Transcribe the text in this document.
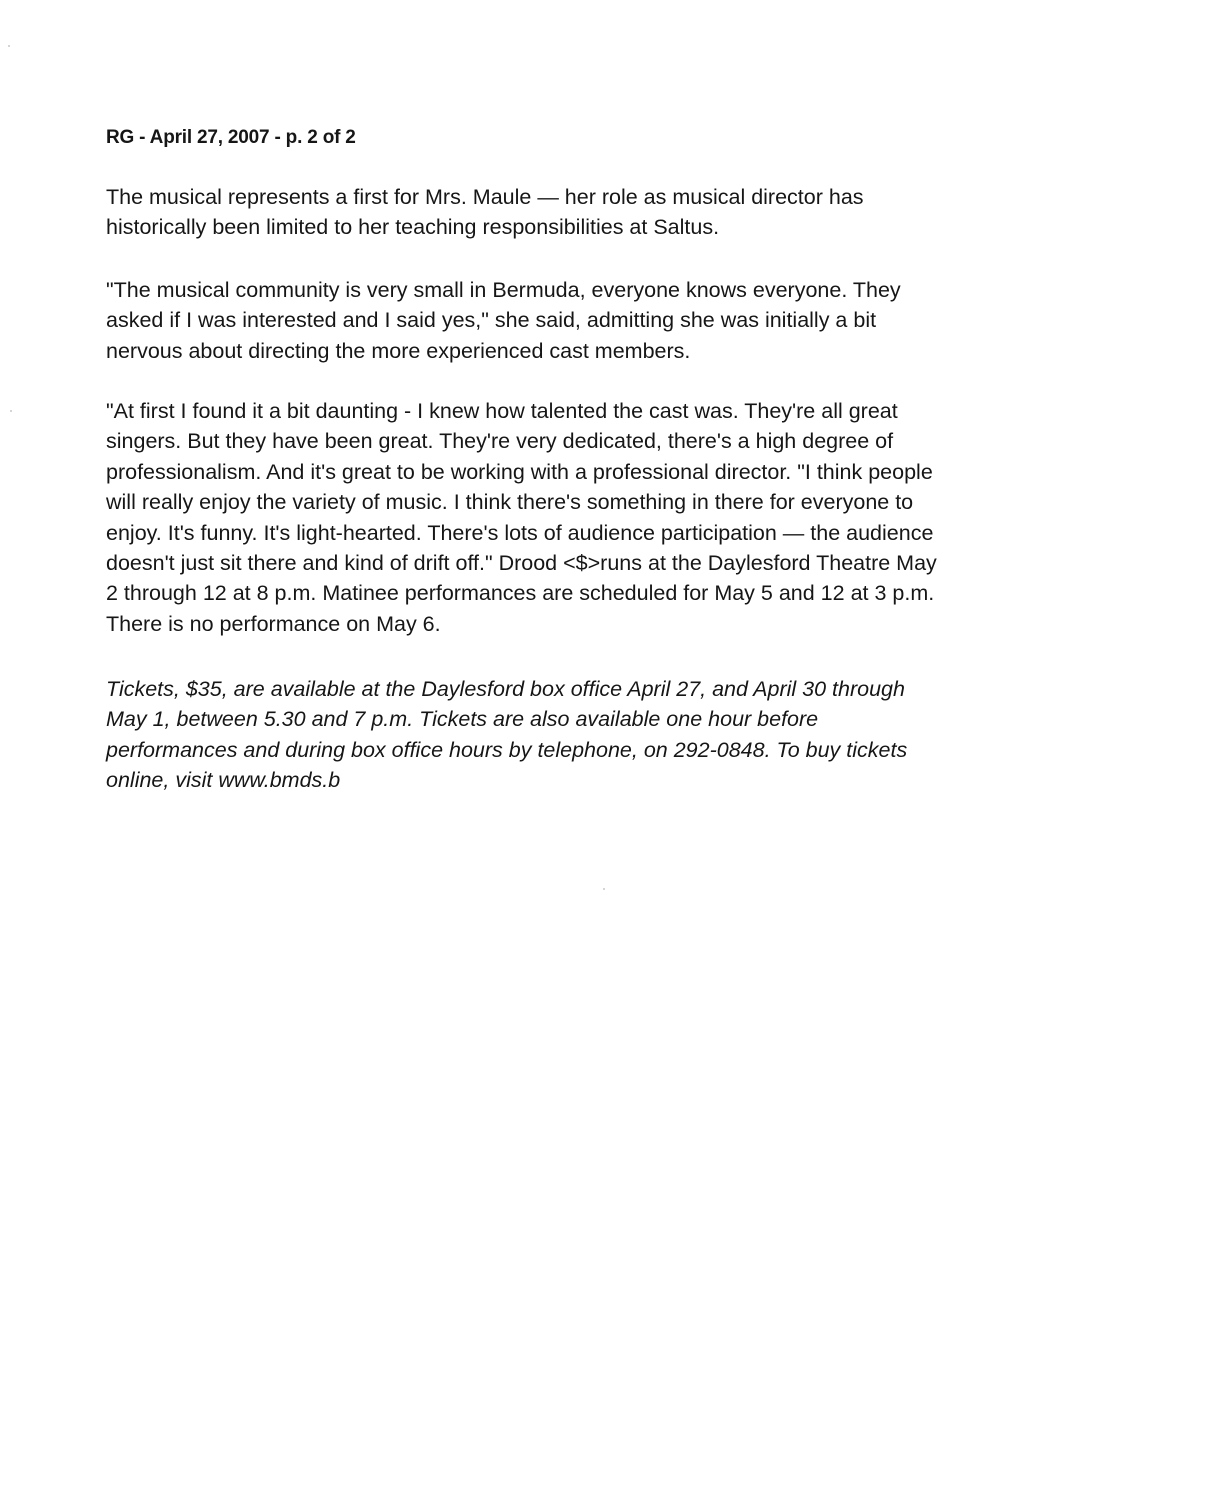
RG - April 27, 2007 - p. 2 of 2

The musical represents a first for Mrs. Maule — her role as musical director has
historically been limited to her teaching responsibilities at Saltus.

"The musical community is very small in Bermuda, everyone knows everyone. They
asked if I was interested and I said yes," she said, admitting she was initially a bit
nervous about directing the more experienced cast members.

"At first I found it a bit daunting - I knew how talented the cast was. They're all great
singers. But they have been great. They're very dedicated, there's a high degree of
professionalism. And it's great to be working with a professional director. "I think people
will really enjoy the variety of music. I think there's something in there for everyone to
enjoy. It's funny. It's light-hearted. There's lots of audience participation — the audience
doesn't just sit there and kind of drift off." Drood <$>runs at the Daylesford Theatre May
2 through 12 at 8 p.m. Matinee performances are scheduled for May 5 and 12 at 3 p.m.
There is no performance on May 6.

Tickets, $35, are available at the Daylesford box office April 27, and April 30 through
May 1, between 5.30 and 7 p.m. Tickets are also available one hour before
performances and during box office hours by telephone, on 292-0848. To buy tickets
online, visit www.bmds.b
